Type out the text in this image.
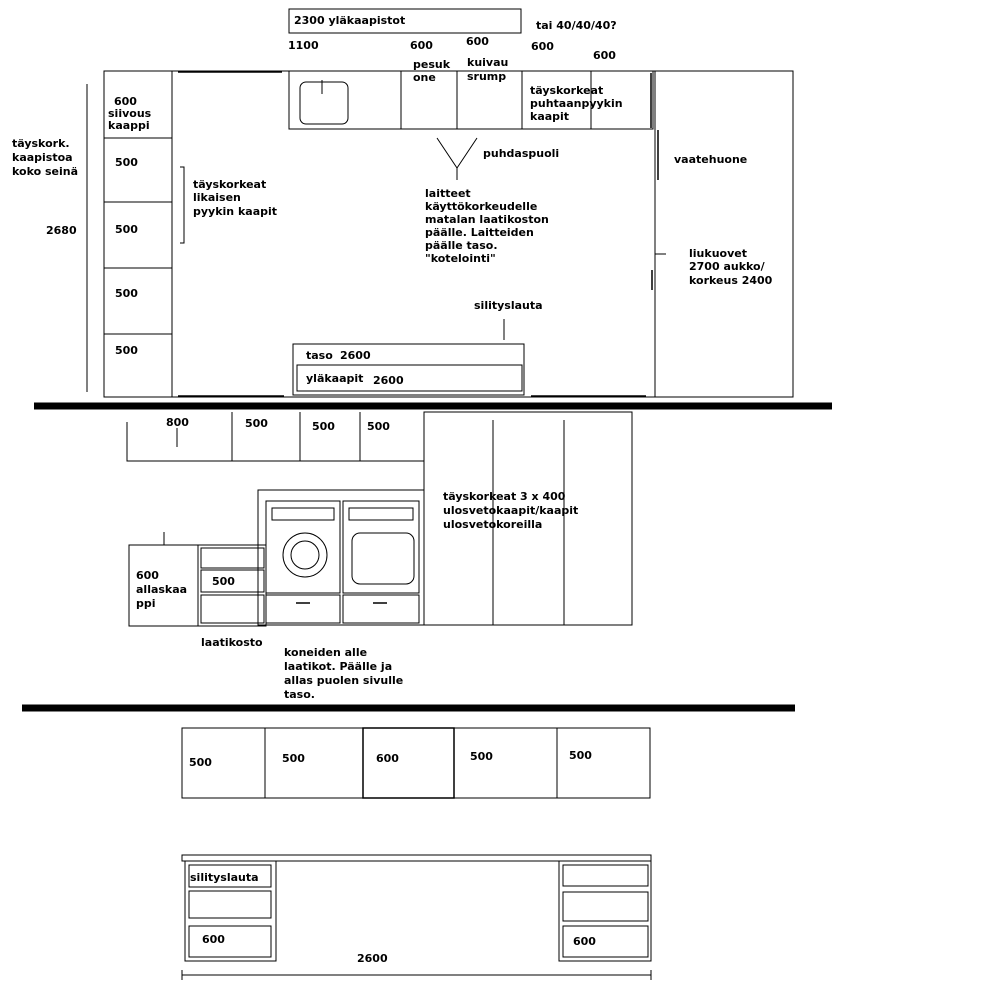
2300 yläkaapistot	tai 40/40/40?
1100	600	600	600
600
pesuk one
kuivau srump
täyskorkeat puhtaanpyykin kaapit
600 siivous kaappi
500
500
500
500
täyskorkeat likaisen pyykin kaapit
täyskork. kaapistoa koko seinä
2680
puhdaspuoli
laitteet käyttökorkeudelle matalan laatikoston päälle. Laitteiden päälle taso. "kotelointi"
silityslauta
taso 2600
yläkaapit 2600
vaatehuone
liukuovet 2700 aukko/ korkeus 2400
800	500	500	500
täyskorkeat 3 x 400 ulosvetokaapit/kaapit ulosvetokoreilla
600 allaskaa ppi
500
laatikosto
koneiden alle laatikot. Päälle ja allas puolen sivulle taso.
500	500	600	500	500
silityslauta
600	600
2600
